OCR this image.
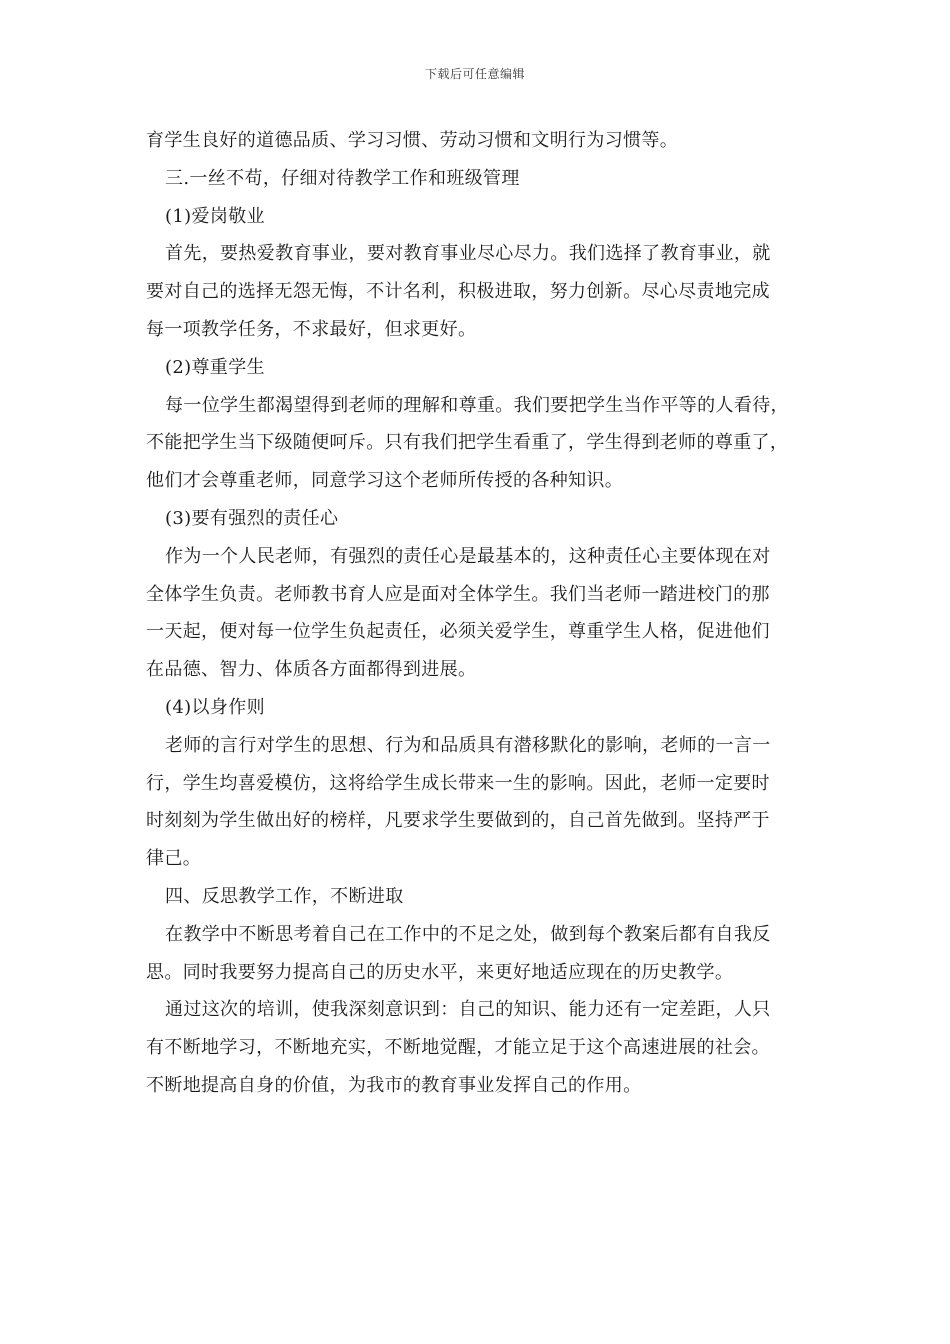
下载后可任意编辑

育学生良好的道德品质、学习习惯、劳动习惯和文明行为习惯等。

三.一丝不苟，仔细对待教学工作和班级管理

(1)爱岗敬业

首先，要热爱教育事业，要对教育事业尽心尽力。我们选择了教育事业，就

要对自己的选择无怨无悔，不计名利，积极进取，努力创新。尽心尽责地完成

每一项教学任务，不求最好，但求更好。

(2)尊重学生

每一位学生都渴望得到老师的理解和尊重。我们要把学生当作平等的人看待，

不能把学生当下级随便呵斥。只有我们把学生看重了，学生得到老师的尊重了，

他们才会尊重老师，同意学习这个老师所传授的各种知识。

(3)要有强烈的责任心

作为一个人民老师，有强烈的责任心是最基本的，这种责任心主要体现在对

全体学生负责。老师教书育人应是面对全体学生。我们当老师一踏进校门的那

一天起，便对每一位学生负起责任，必须关爱学生，尊重学生人格，促进他们

在品德、智力、体质各方面都得到进展。

(4)以身作则

老师的言行对学生的思想、行为和品质具有潜移默化的影响，老师的一言一

行，学生均喜爱模仿，这将给学生成长带来一生的影响。因此，老师一定要时

时刻刻为学生做出好的榜样，凡要求学生要做到的，自己首先做到。坚持严于

律己。

四、反思教学工作，不断进取

在教学中不断思考着自己在工作中的不足之处，做到每个教案后都有自我反

思。同时我要努力提高自己的历史水平，来更好地适应现在的历史教学。

通过这次的培训，使我深刻意识到：自己的知识、能力还有一定差距，人只

有不断地学习，不断地充实，不断地觉醒，才能立足于这个高速进展的社会。

不断地提高自身的价值，为我市的教育事业发挥自己的作用。
